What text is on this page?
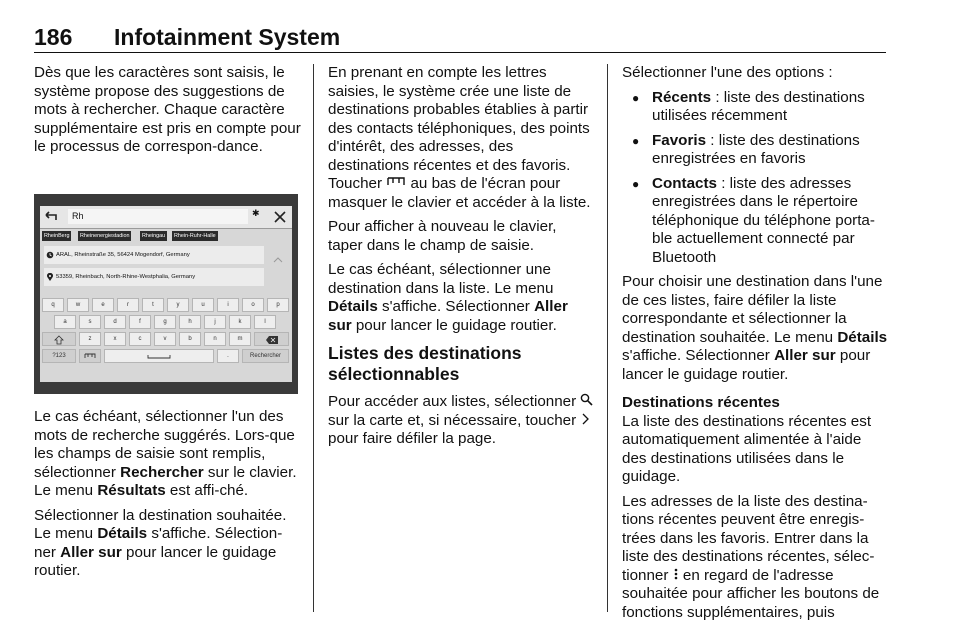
186 Infotainment System

Dès que les caractères sont saisis, le système propose des suggestions de mots à rechercher. Chaque caractère supplémentaire est pris en compte pour le processus de correspon-dance.

Rh	✱
RheinBerg	Rheinenergiestadion	Rheingau	Rhein-Ruhr-Halle
ARAL, Rheinstraße 35, 56424 Mogendorf, Germany
53359, Rheinbach, North-Rhine-Westphalia, Germany
q	w	e	r	t	y	u	i	o	p
a	s	d	f	g	h	j	k	l
z	x	c	v	b	n	m
?123	.	Rechercher

Le cas échéant, sélectionner l'un des mots de recherche suggérés. Lors-que les champs de saisie sont remplis, sélectionner Rechercher sur le clavier. Le menu Résultats est affi-ché.

Sélectionner la destination souhaitée. Le menu Détails s'affiche. Sélection-ner Aller sur pour lancer le guidage routier.

En prenant en compte les lettres saisies, le système crée une liste de destinations probables établies à partir des contacts téléphoniques, des points d'intérêt, des adresses, des destinations récentes et des favoris. Toucher  au bas de l'écran pour masquer le clavier et accéder à la liste.

Pour afficher à nouveau le clavier, taper dans le champ de saisie.

Le cas échéant, sélectionner une destination dans la liste. Le menu Détails s'affiche. Sélectionner Aller sur pour lancer le guidage routier.

Listes des destinations sélectionnables

Pour accéder aux listes, sélectionner  sur la carte et, si nécessaire, toucher  pour faire défiler la page.

Sélectionner l'une des options :

● Récents : liste des destinations utilisées récemment
● Favoris : liste des destinations enregistrées en favoris
● Contacts : liste des adresses enregistrées dans le répertoire téléphonique du téléphone porta-ble actuellement connecté par Bluetooth

Pour choisir une destination dans l'une de ces listes, faire défiler la liste correspondante et sélectionner la destination souhaitée. Le menu Détails s'affiche. Sélectionner Aller sur pour lancer le guidage routier.

Destinations récentes

La liste des destinations récentes est automatiquement alimentée à l'aide des destinations utilisées dans le guidage.

Les adresses de la liste des destina-tions récentes peuvent être enregis-trées dans les favoris. Entrer dans la liste des destinations récentes, sélec-tionner  en regard de l'adresse souhaitée pour afficher les boutons de fonctions supplémentaires, puis
